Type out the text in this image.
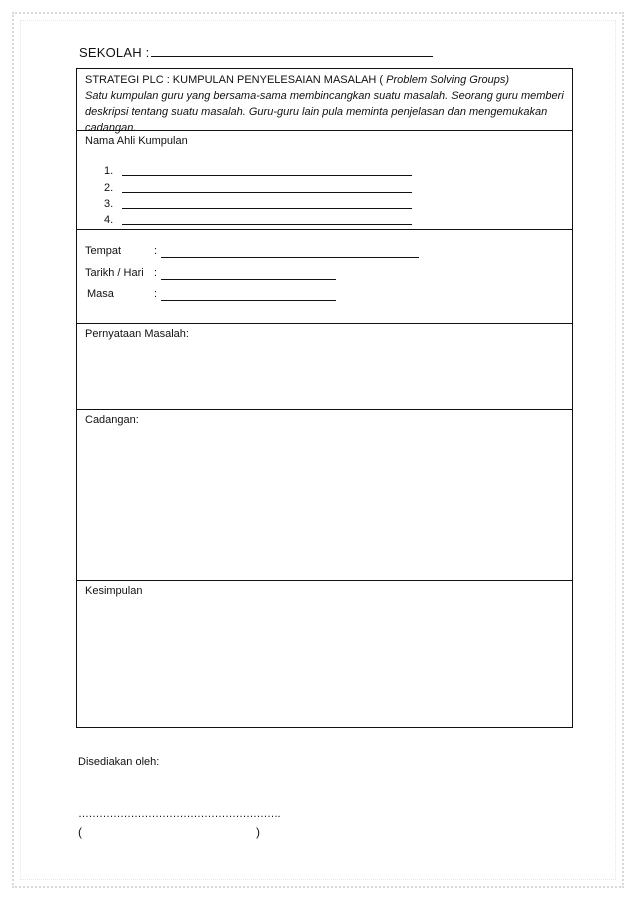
SEKOLAH :
STRATEGI PLC : KUMPULAN PENYELESAIAN MASALAH ( Problem Solving Groups)
Satu kumpulan guru yang bersama-sama membincangkan suatu masalah. Seorang guru memberi deskripsi tentang suatu masalah. Guru-guru lain pula meminta penjelasan dan mengemukakan cadangan.
Nama Ahli Kumpulan
1.
2.
3.
4.
Tempat	:
Tarikh / Hari :
Masa	:
Pernyataan Masalah:
Cadangan:
Kesimpulan
Disediakan oleh:
………………………………………………….
(	)
